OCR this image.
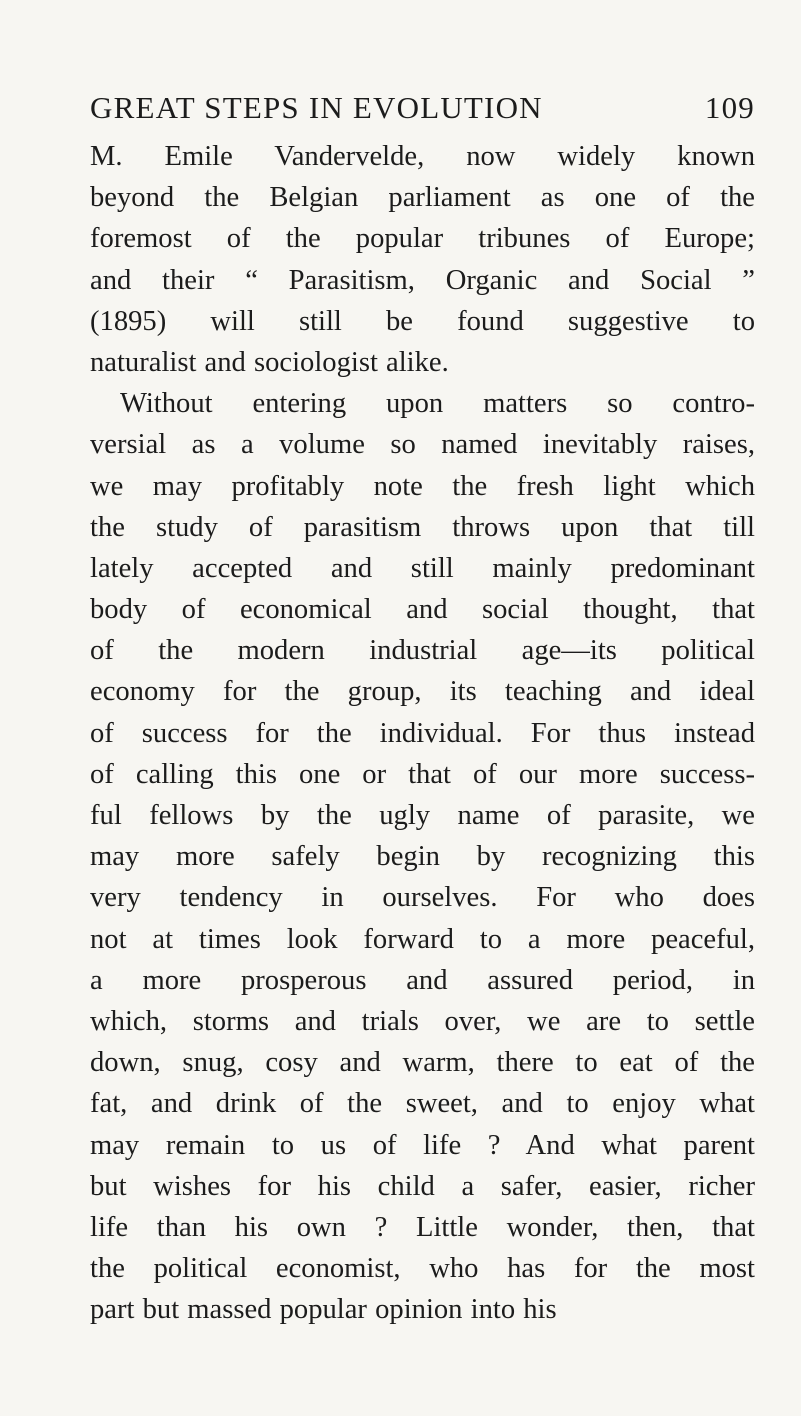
GREAT STEPS IN EVOLUTION	109
M. Emile Vandervelde, now widely known
beyond the Belgian parliament as one of the
foremost of the popular tribunes of Europe;
and their “ Parasitism, Organic and Social ”
(1895) will still be found suggestive to
naturalist and sociologist alike.
Without entering upon matters so contro-
versial as a volume so named inevitably raises,
we may profitably note the fresh light which
the study of parasitism throws upon that till
lately accepted and still mainly predominant
body of economical and social thought, that
of the modern industrial age—its political
economy for the group, its teaching and ideal
of success for the individual. For thus instead
of calling this one or that of our more success-
ful fellows by the ugly name of parasite, we
may more safely begin by recognizing this
very tendency in ourselves. For who does
not at times look forward to a more peaceful,
a more prosperous and assured period, in
which, storms and trials over, we are to settle
down, snug, cosy and warm, there to eat of the
fat, and drink of the sweet, and to enjoy what
may remain to us of life ? And what parent
but wishes for his child a safer, easier, richer
life than his own ? Little wonder, then, that
the political economist, who has for the most
part but massed popular opinion into his
